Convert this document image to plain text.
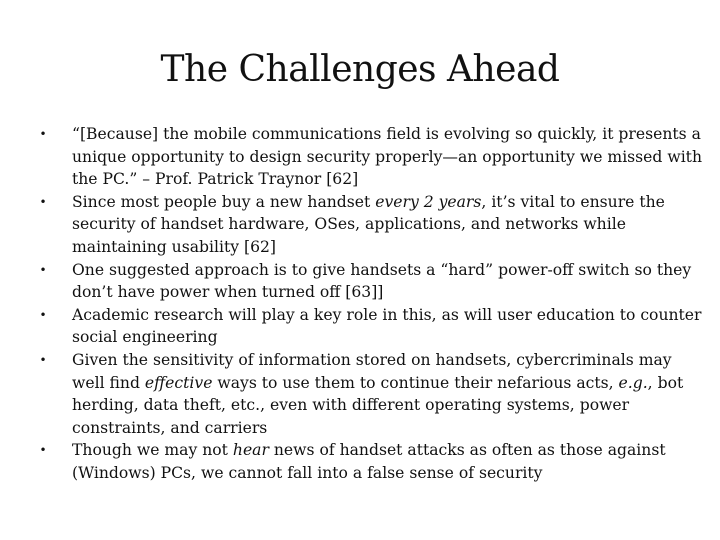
The Challenges Ahead
• “[Because] the mobile communications field is evolving so quickly, it presents a unique opportunity to design security properly—an opportunity we missed with the PC.” – Prof. Patrick Traynor [62]
• Since most people buy a new handset every 2 years, it’s vital to ensure the security of handset hardware, OSes, applications, and networks while maintaining usability [62]
• One suggested approach is to give handsets a “hard” power-off switch so they don’t have power when turned off [63]]
• Academic research will play a key role in this, as will user education to counter social engineering
• Given the sensitivity of information stored on handsets, cybercriminals may well find effective ways to use them to continue their nefarious acts, e.g., bot herding, data theft, etc., even with different operating systems, power constraints, and carriers
• Though we may not hear news of handset attacks as often as those against (Windows) PCs, we cannot fall into a false sense of security
